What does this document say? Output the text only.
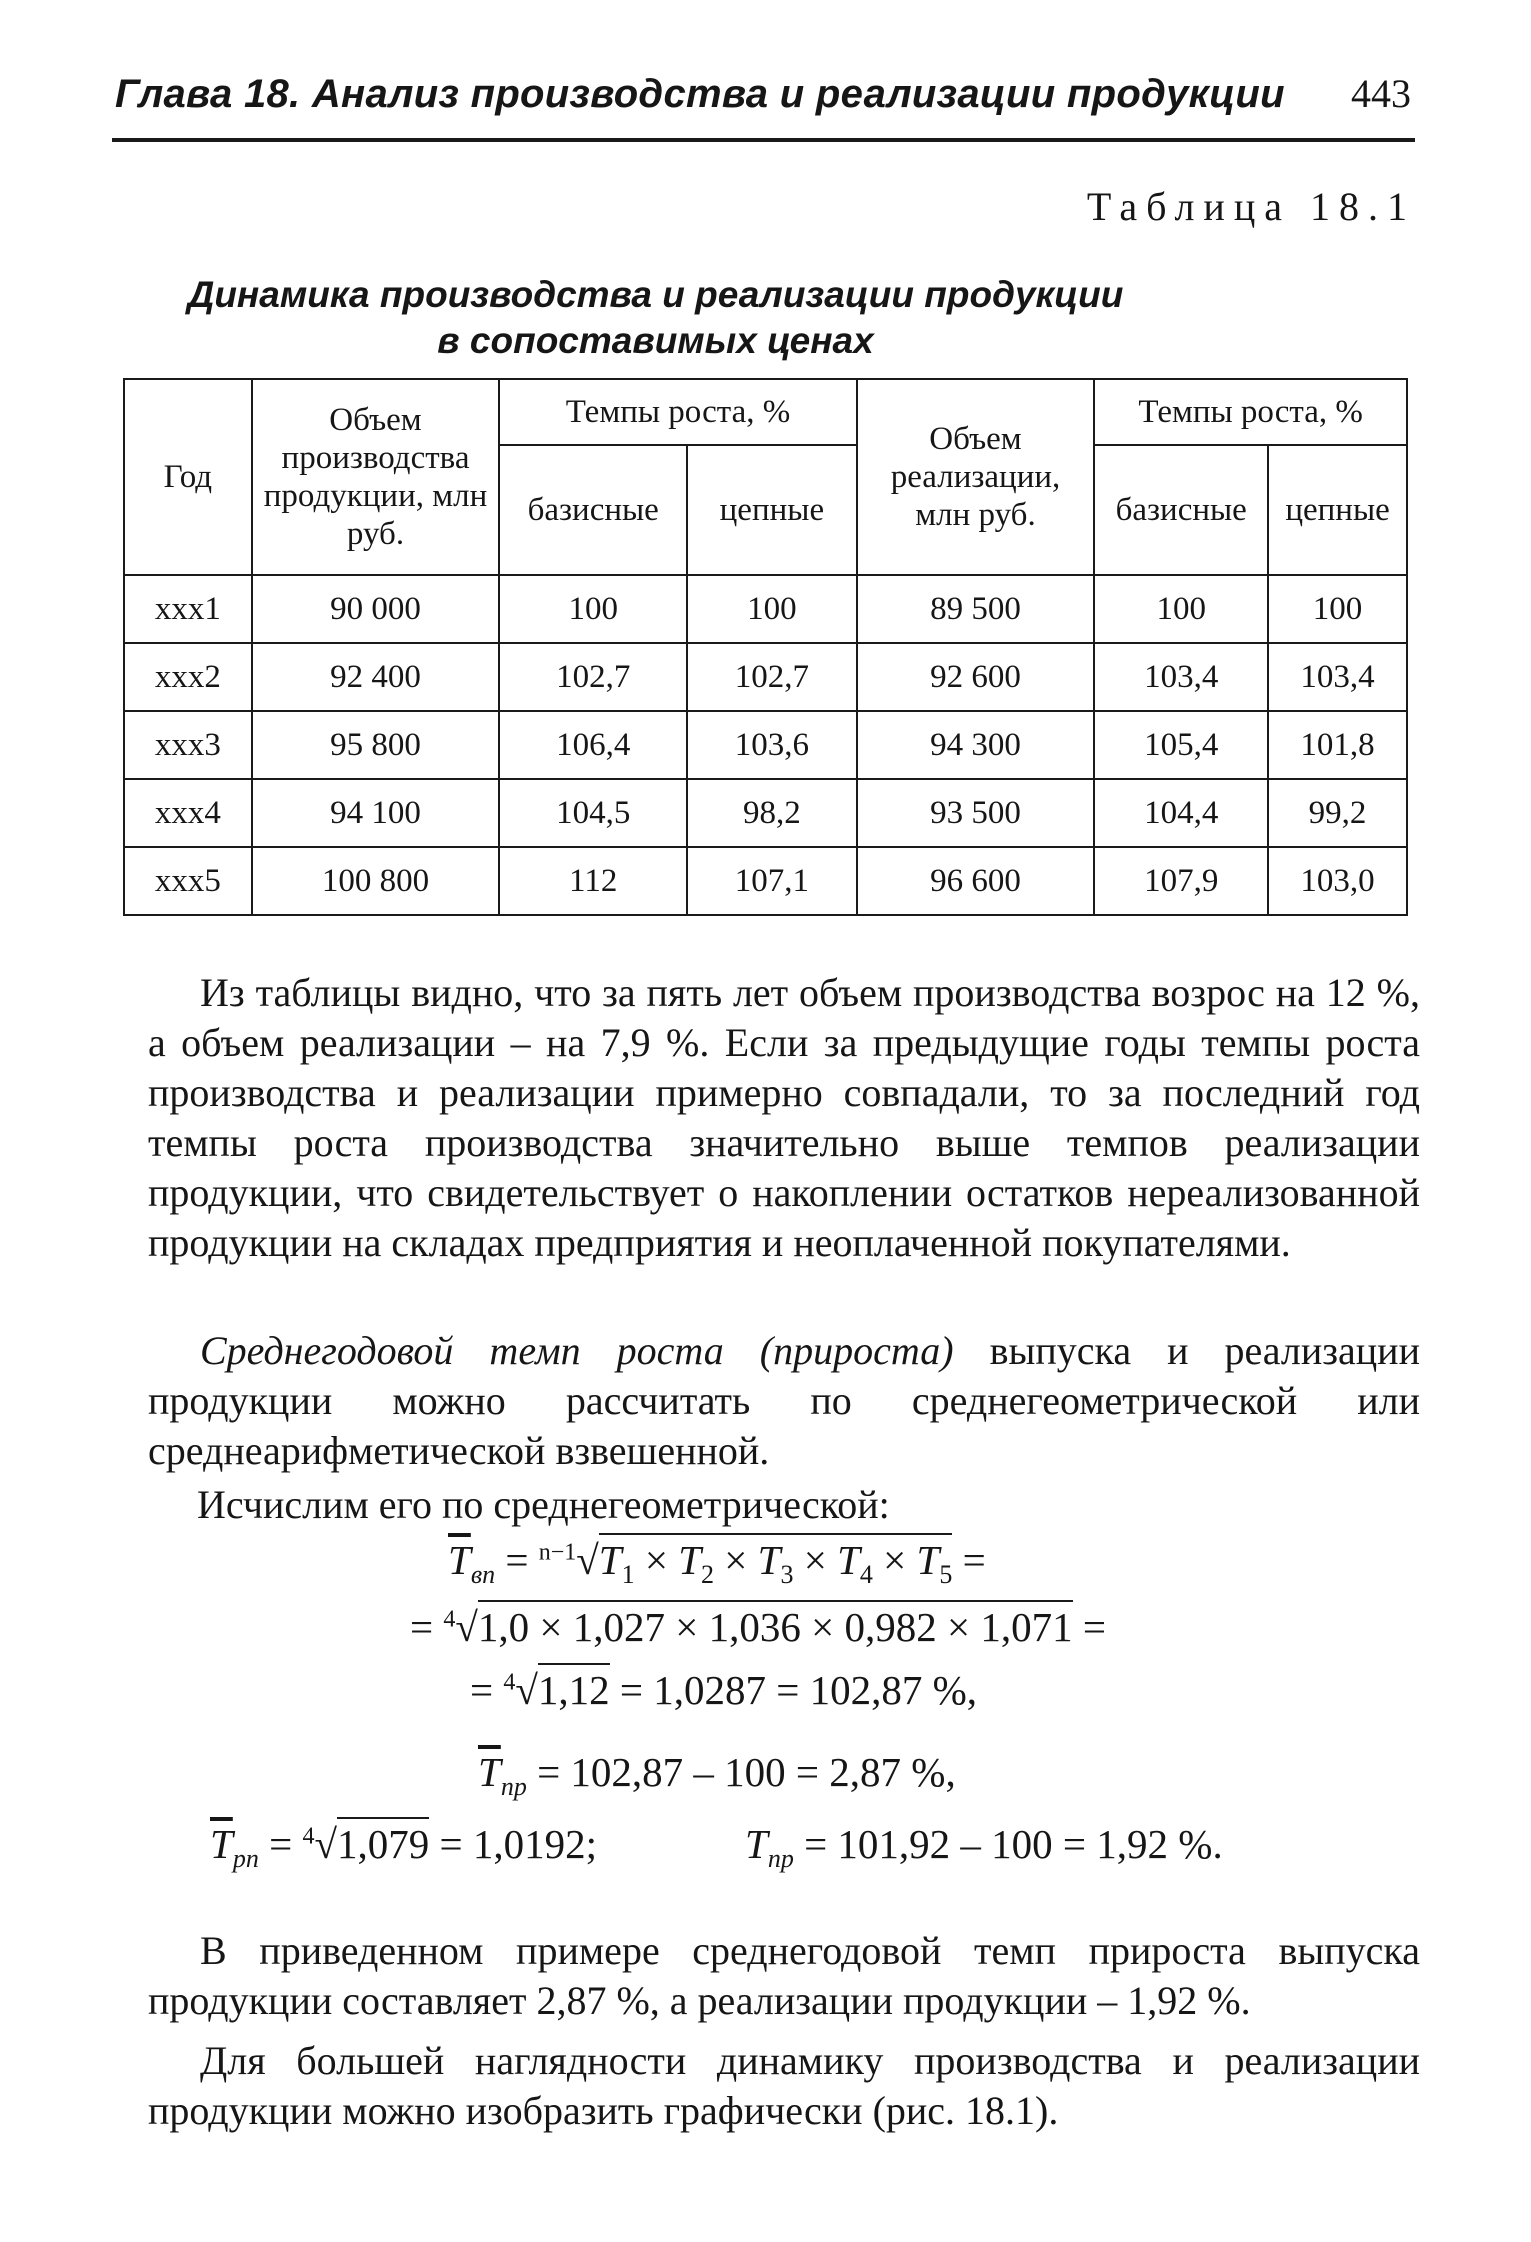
Глава 18. Анализ производства и реализации продукции 443
Таблица 18.1
Динамика производства и реализации продукции
в сопоставимых ценах
Год	Объем производства продукции, млн руб.	Темпы роста, %		Объем реализации, млн руб.	Темпы роста, %	
		базисные	цепные		базисные	цепные
xxx1	90 000	100	100	89 500	100	100
xxx2	92 400	102,7	102,7	92 600	103,4	103,4
xxx3	95 800	106,4	103,6	94 300	105,4	101,8
xxx4	94 100	104,5	98,2	93 500	104,4	99,2
xxx5	100 800	112	107,1	96 600	107,9	103,0
Из таблицы видно, что за пять лет объем производства возрос на 12 %, а объем реализации – на 7,9 %. Если за предыдущие годы темпы роста производства и реализации примерно совпадали, то за последний год темпы роста производства значительно выше темпов реализации продукции, что свидетельствует о накоплении остатков нереализованной продукции на складах предприятия и неоплаченной покупателями.
Среднегодовой темп роста (прироста) выпуска и реализации продукции можно рассчитать по среднегеометрической или среднеарифметической взвешенной.
Исчислим его по среднегеометрической:
$\overline{T}_{вп} = ^{n-1}√T_1 \times T_2 \times T_3 \times T_4 \times T_5$ =
= $^4$√1,0 × 1,027 × 1,036 × 0,982 × 1,071 =
= $^4$√1,12 = 1,0287 = 102,87 %,
$\overline{T}_{пр} = 102,87 - 100 = 2,87$ %,
$\overline{T}_{рп} = ^4√1,079 = 1,0192$;	$T_{пр} = 101,92 - 100 = 1,92$ %.
В приведенном примере среднегодовой темп прироста выпуска продукции составляет 2,87 %, а реализации продукции – 1,92 %.
Для большей наглядности динамику производства и реализации продукции можно изобразить графически (рис. 18.1).
